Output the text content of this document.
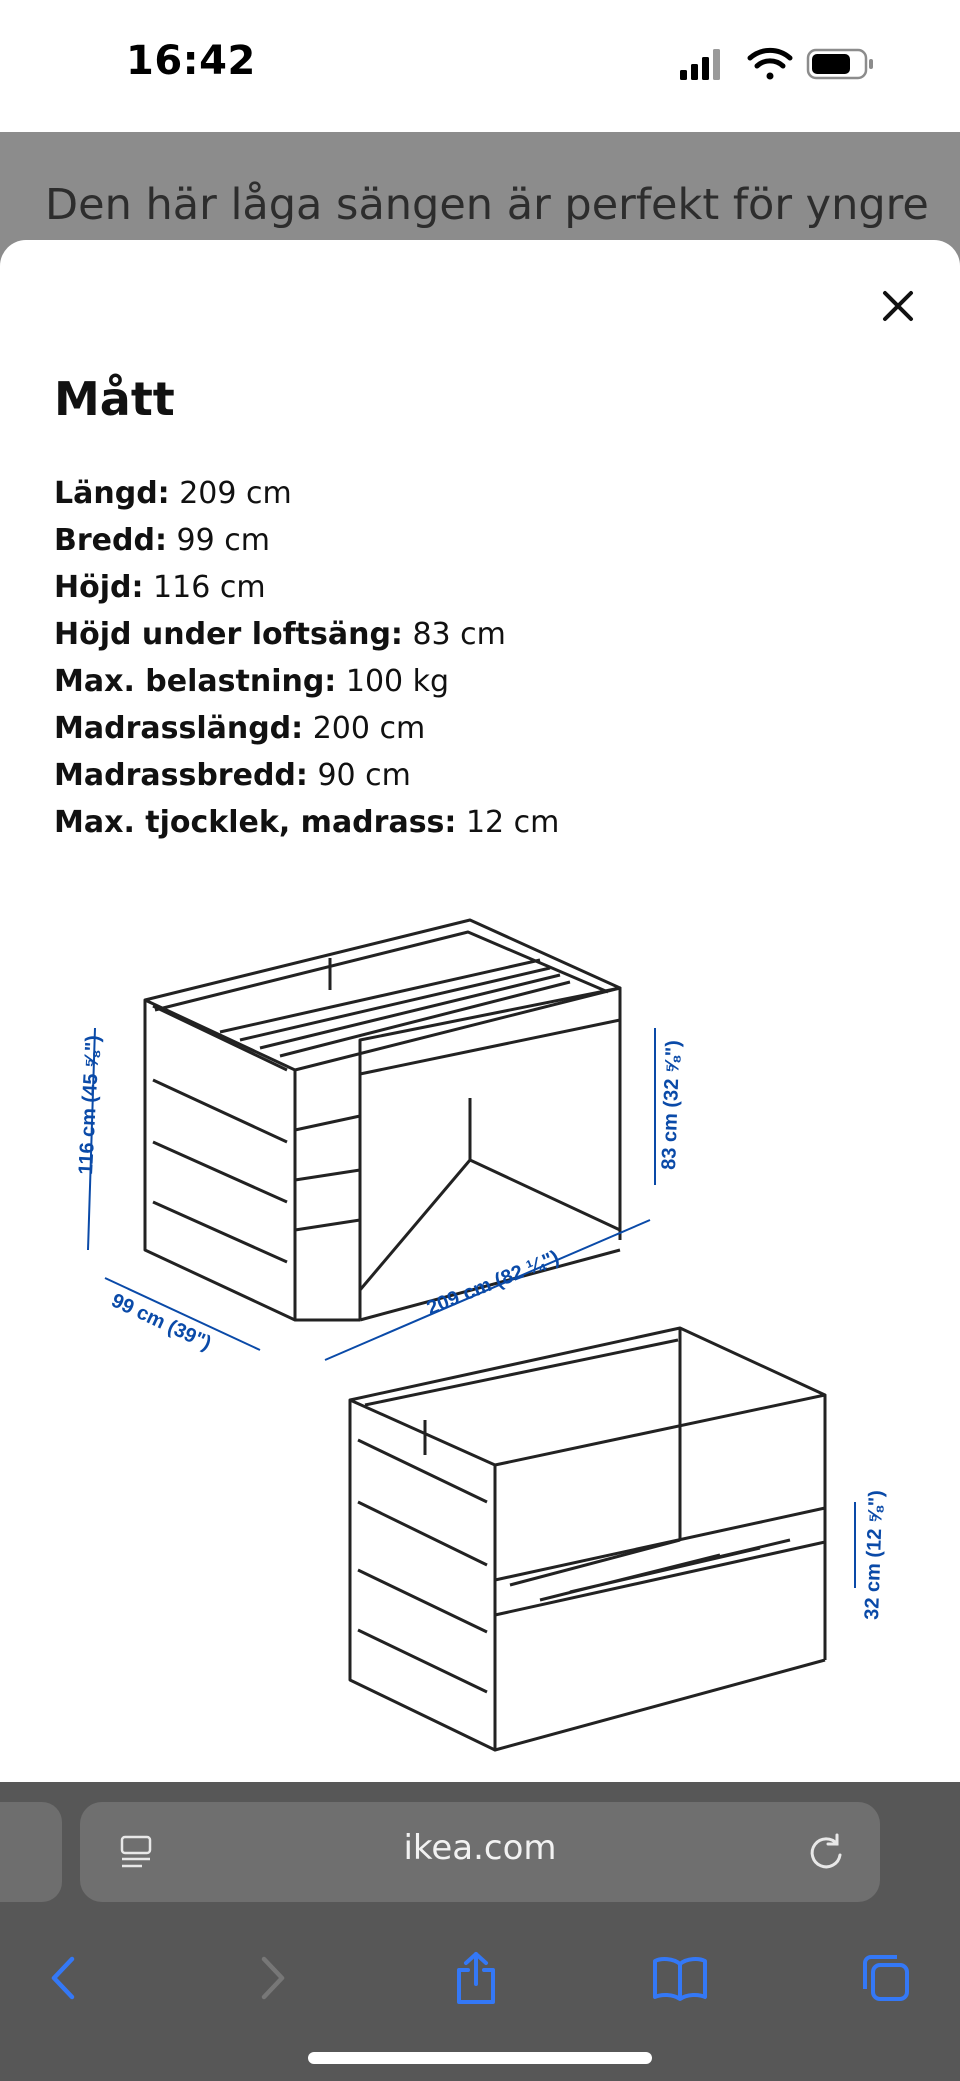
16:42
Den här låga sängen är perfekt för yngre
Mått
Längd: 209 cm
Bredd: 99 cm
Höjd: 116 cm
Höjd under loftsäng: 83 cm
Max. belastning: 100 kg
Madrasslängd: 200 cm
Madrassbredd: 90 cm
Max. tjocklek, madrass: 12 cm
116 cm (45 ⅝")
99 cm (39")
209 cm (82 ¼")
83 cm (32 ⅝")
32 cm (12 ⅝")
ikea.com
